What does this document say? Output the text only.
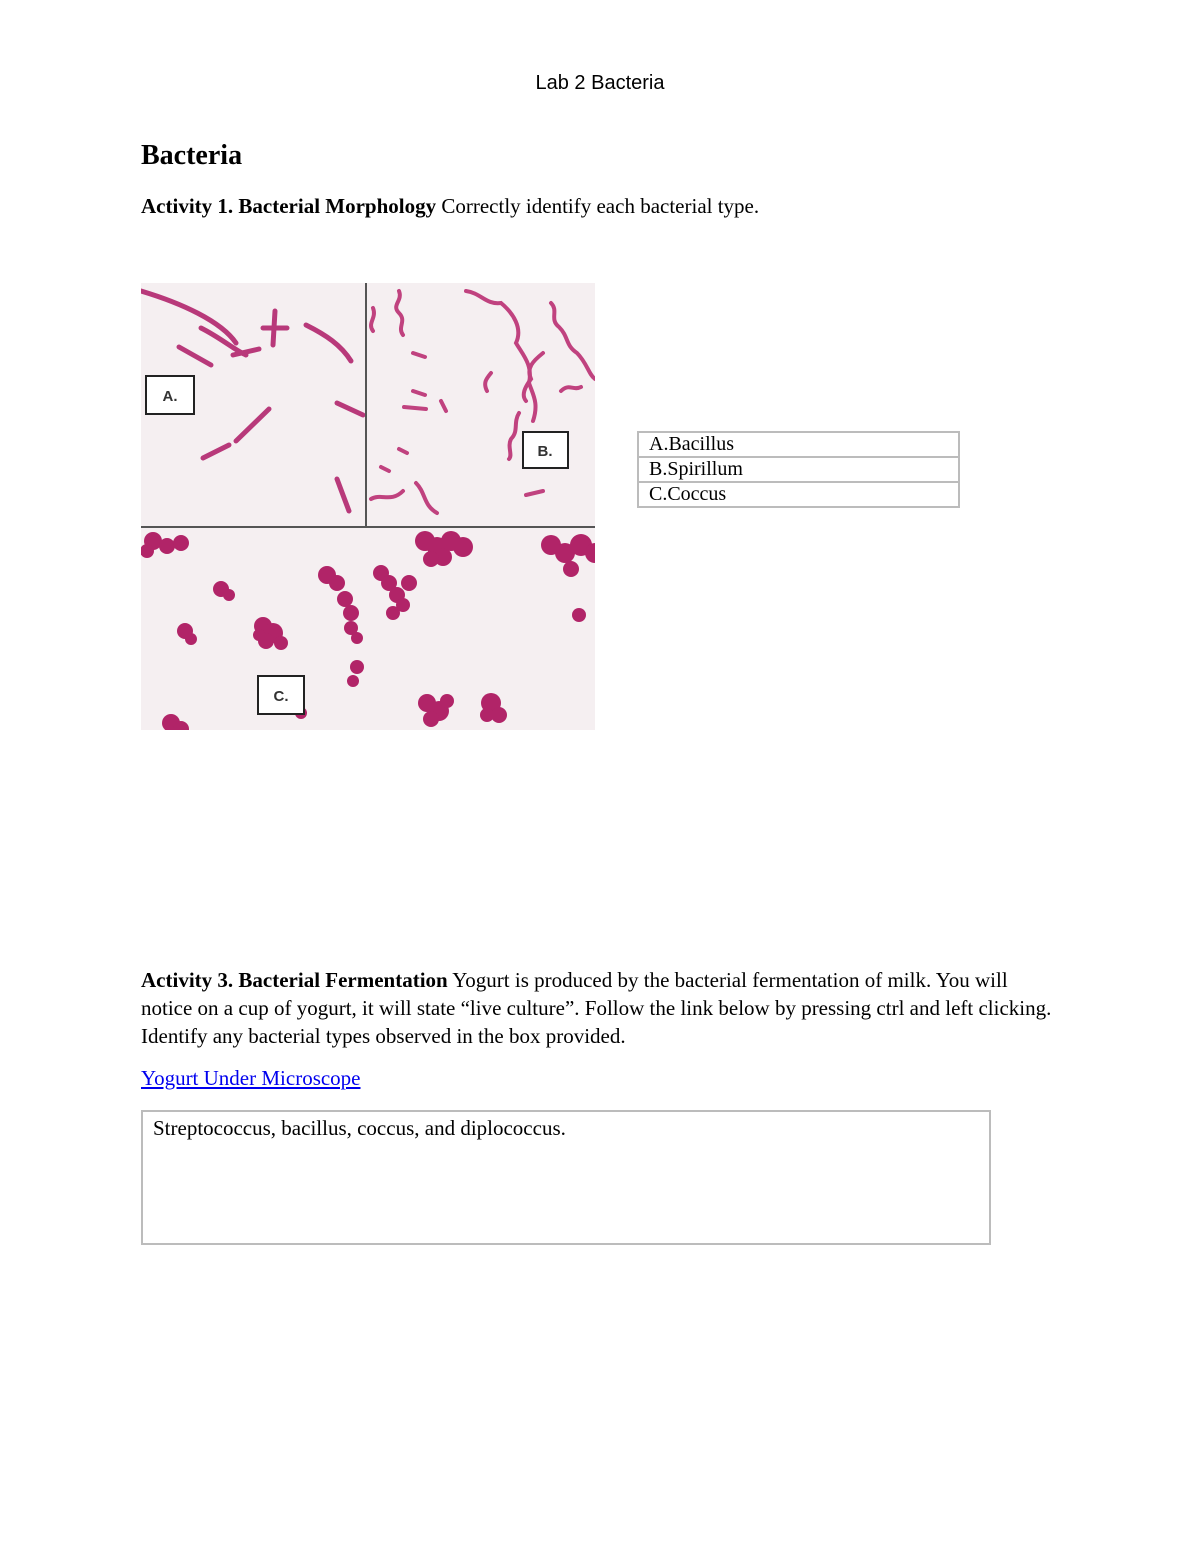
Lab 2 Bacteria
Bacteria
Activity 1. Bacterial Morphology Correctly identify each bacterial type.
A.
B.
C.
A.Bacillus
B.Spirillum
C.Coccus

Activity 3. Bacterial Fermentation Yogurt is produced by the bacterial fermentation of milk. You will notice on a cup of yogurt, it will state “live culture”. Follow the link below by pressing ctrl and left clicking. Identify any bacterial types observed in the box provided.

Yogurt Under Microscope
Streptococcus, bacillus, coccus, and diplococcus.
